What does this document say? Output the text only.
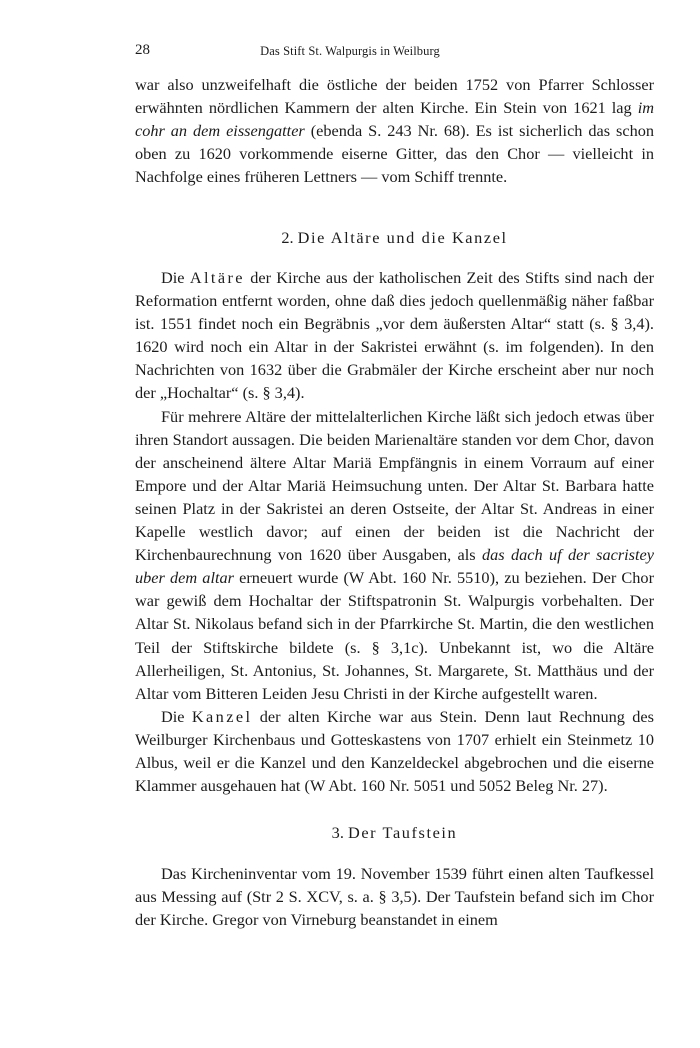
28	Das Stift St. Walpurgis in Weilburg

war also unzweifelhaft die östliche der beiden 1752 von Pfarrer Schlosser erwähnten nördlichen Kammern der alten Kirche. Ein Stein von 1621 lag im cohr an dem eissengatter (ebenda S. 243 Nr. 68). Es ist sicherlich das schon oben zu 1620 vorkommende eiserne Gitter, das den Chor — vielleicht in Nachfolge eines früheren Lettners — vom Schiff trennte.

2. Die Altäre und die Kanzel

Die Altäre der Kirche aus der katholischen Zeit des Stifts sind nach der Reformation entfernt worden, ohne daß dies jedoch quellenmäßig näher faßbar ist. 1551 findet noch ein Begräbnis „vor dem äußersten Altar“ statt (s. § 3,4). 1620 wird noch ein Altar in der Sakristei erwähnt (s. im folgenden). In den Nachrichten von 1632 über die Grabmäler der Kirche erscheint aber nur noch der „Hochaltar“ (s. § 3,4).

Für mehrere Altäre der mittelalterlichen Kirche läßt sich jedoch etwas über ihren Standort aussagen. Die beiden Marienaltäre standen vor dem Chor, davon der anscheinend ältere Altar Mariä Empfängnis in einem Vorraum auf einer Empore und der Altar Mariä Heimsuchung unten. Der Altar St. Barbara hatte seinen Platz in der Sakristei an deren Ostseite, der Altar St. Andreas in einer Kapelle westlich davor; auf einen der beiden ist die Nachricht der Kirchenbaurechnung von 1620 über Ausgaben, als das dach uf der sacristey uber dem altar erneuert wurde (W Abt. 160 Nr. 5510), zu beziehen. Der Chor war gewiß dem Hochaltar der Stiftspatronin St. Walpurgis vorbehalten. Der Altar St. Nikolaus befand sich in der Pfarrkirche St. Martin, die den westlichen Teil der Stiftskirche bildete (s. § 3,1c). Unbekannt ist, wo die Altäre Allerheiligen, St. Antonius, St. Johannes, St. Margarete, St. Matthäus und der Altar vom Bitteren Leiden Jesu Christi in der Kirche aufgestellt waren.

Die Kanzel der alten Kirche war aus Stein. Denn laut Rechnung des Weilburger Kirchenbaus und Gotteskastens von 1707 erhielt ein Steinmetz 10 Albus, weil er die Kanzel und den Kanzeldeckel abgebrochen und die eiserne Klammer ausgehauen hat (W Abt. 160 Nr. 5051 und 5052 Beleg Nr. 27).

3. Der Taufstein

Das Kircheninventar vom 19. November 1539 führt einen alten Taufkessel aus Messing auf (Str 2 S. XCV, s. a. § 3,5). Der Taufstein befand sich im Chor der Kirche. Gregor von Virneburg beanstandet in einem
